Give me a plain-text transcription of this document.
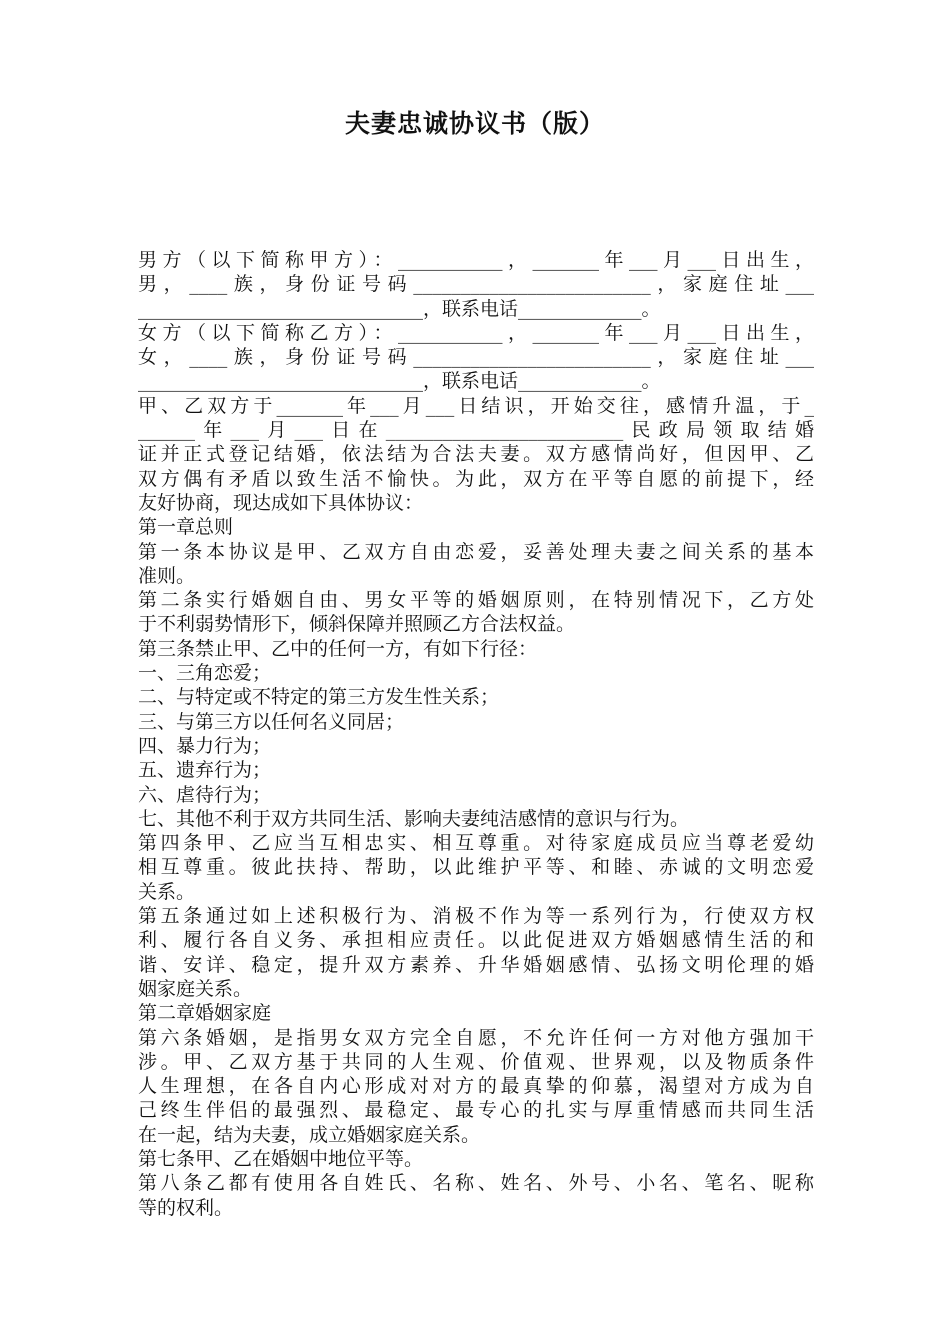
夫妻忠诚协议书（版）
男方（以下简称甲方）：___________，_______年___月___日出生，
男，____族，身份证号码_________________________，家庭住址___
______________________________，联系电话_____________。
女方（以下简称乙方）：___________，_______年___月___日出生，
女，____族，身份证号码_________________________，家庭住址___
______________________________，联系电话_____________。
甲、乙双方于_______年___月___日结识，开始交往，感情升温，于_
______年___月___日在_________________________民政局领取结婚
证并正式登记结婚，依法结为合法夫妻。双方感情尚好，但因甲、乙
双方偶有矛盾以致生活不愉快。为此，双方在平等自愿的前提下，经
友好协商，现达成如下具体协议：
第一章总则
第一条本协议是甲、乙双方自由恋爱，妥善处理夫妻之间关系的基本
准则。
第二条实行婚姻自由、男女平等的婚姻原则，在特别情况下，乙方处
于不利弱势情形下，倾斜保障并照顾乙方合法权益。
第三条禁止甲、乙中的任何一方，有如下行径：
一、三角恋爱；
二、与特定或不特定的第三方发生性关系；
三、与第三方以任何名义同居；
四、暴力行为；
五、遗弃行为；
六、虐待行为；
七、其他不利于双方共同生活、影响夫妻纯洁感情的意识与行为。
第四条甲、乙应当互相忠实、相互尊重。对待家庭成员应当尊老爱幼
相互尊重。彼此扶持、帮助，以此维护平等、和睦、赤诚的文明恋爱
关系。
第五条通过如上述积极行为、消极不作为等一系列行为，行使双方权
利、履行各自义务、承担相应责任。以此促进双方婚姻感情生活的和
谐、安详、稳定，提升双方素养、升华婚姻感情、弘扬文明伦理的婚
姻家庭关系。
第二章婚姻家庭
第六条婚姻，是指男女双方完全自愿，不允许任何一方对他方强加干
涉。甲、乙双方基于共同的人生观、价值观、世界观，以及物质条件
人生理想，在各自内心形成对对方的最真挚的仰慕，渴望对方成为自
己终生伴侣的最强烈、最稳定、最专心的扎实与厚重情感而共同生活
在一起，结为夫妻，成立婚姻家庭关系。
第七条甲、乙在婚姻中地位平等。
第八条乙都有使用各自姓氏、名称、姓名、外号、小名、笔名、昵称
等的权利。
